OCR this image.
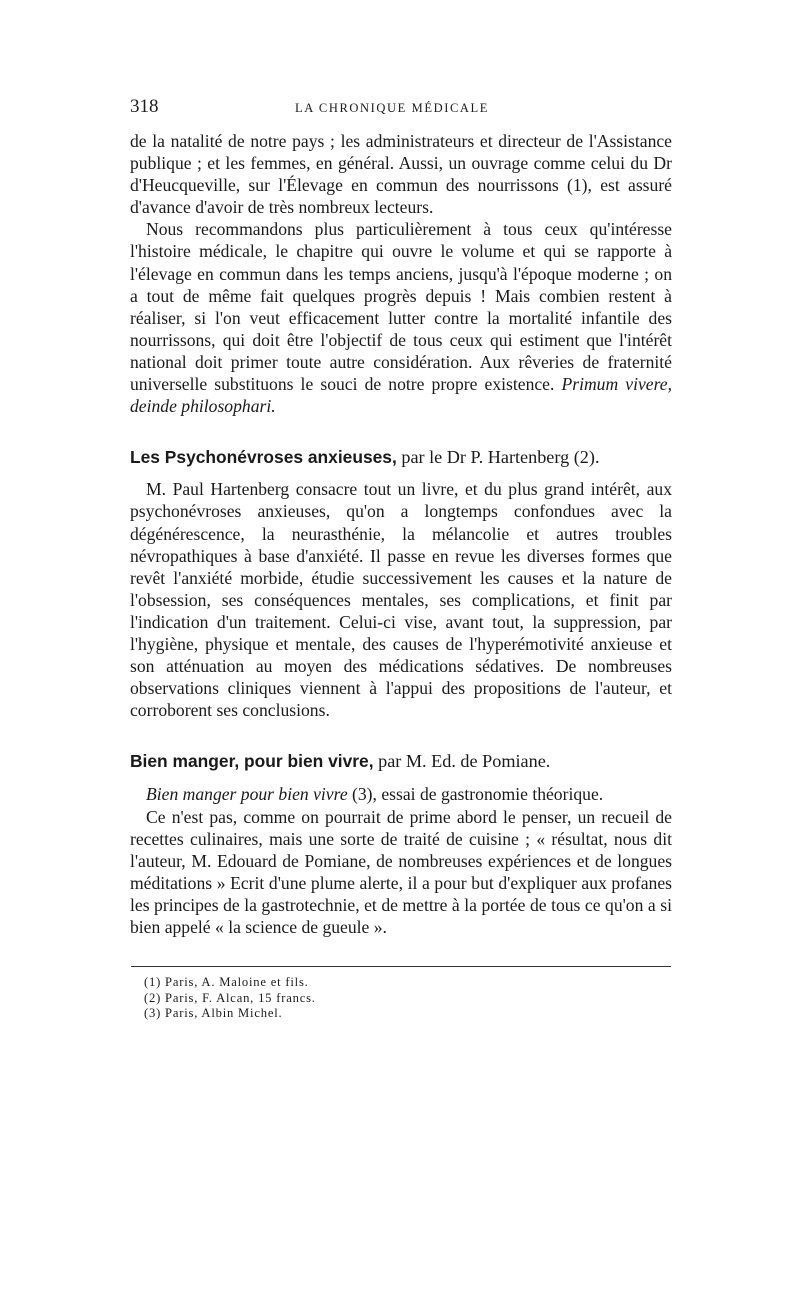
318	LA CHRONIQUE MÉDICALE

de la natalité de notre pays ; les administrateurs et directeur de l'Assistance publique ; et les femmes, en général. Aussi, un ouvrage comme celui du Dr d'Heucqueville, sur l'Élevage en commun des nourrissons (1), est assuré d'avance d'avoir de très nombreux lecteurs.

Nous recommandons plus particulièrement à tous ceux qu'intéresse l'histoire médicale, le chapitre qui ouvre le volume et qui se rapporte à l'élevage en commun dans les temps anciens, jusqu'à l'époque moderne ; on a tout de même fait quelques progrès depuis ! Mais combien restent à réaliser, si l'on veut efficacement lutter contre la mortalité infantile des nourrissons, qui doit être l'objectif de tous ceux qui estiment que l'intérêt national doit primer toute autre considération. Aux rêveries de fraternité universelle substituons le souci de notre propre existence. Primum vivere, deinde philosophari.

Les Psychonévroses anxieuses, par le Dr P. Hartenberg (2).

M. Paul Hartenberg consacre tout un livre, et du plus grand intérêt, aux psychonévroses anxieuses, qu'on a longtemps confondues avec la dégénérescence, la neurasthénie, la mélancolie et autres troubles névropathiques à base d'anxiété. Il passe en revue les diverses formes que revêt l'anxiété morbide, étudie successivement les causes et la nature de l'obsession, ses conséquences mentales, ses complications, et finit par l'indication d'un traitement. Celui-ci vise, avant tout, la suppression, par l'hygiène, physique et mentale, des causes de l'hyperémotivité anxieuse et son atténuation au moyen des médications sédatives. De nombreuses observations cliniques viennent à l'appui des propositions de l'auteur, et corroborent ses conclusions.

Bien manger, pour bien vivre, par M. Ed. de Pomiane.

Bien manger pour bien vivre (3), essai de gastronomie théorique.

Ce n'est pas, comme on pourrait de prime abord le penser, un recueil de recettes culinaires, mais une sorte de traité de cuisine ; « résultat, nous dit l'auteur, M. Edouard de Pomiane, de nombreuses expériences et de longues méditations » Ecrit d'une plume alerte, il a pour but d'expliquer aux profanes les principes de la gastrotechnie, et de mettre à la portée de tous ce qu'on a si bien appelé « la science de gueule ».

(1) Paris, A. Maloine et fils.
(2) Paris, F. Alcan, 15 francs.
(3) Paris, Albin Michel.
